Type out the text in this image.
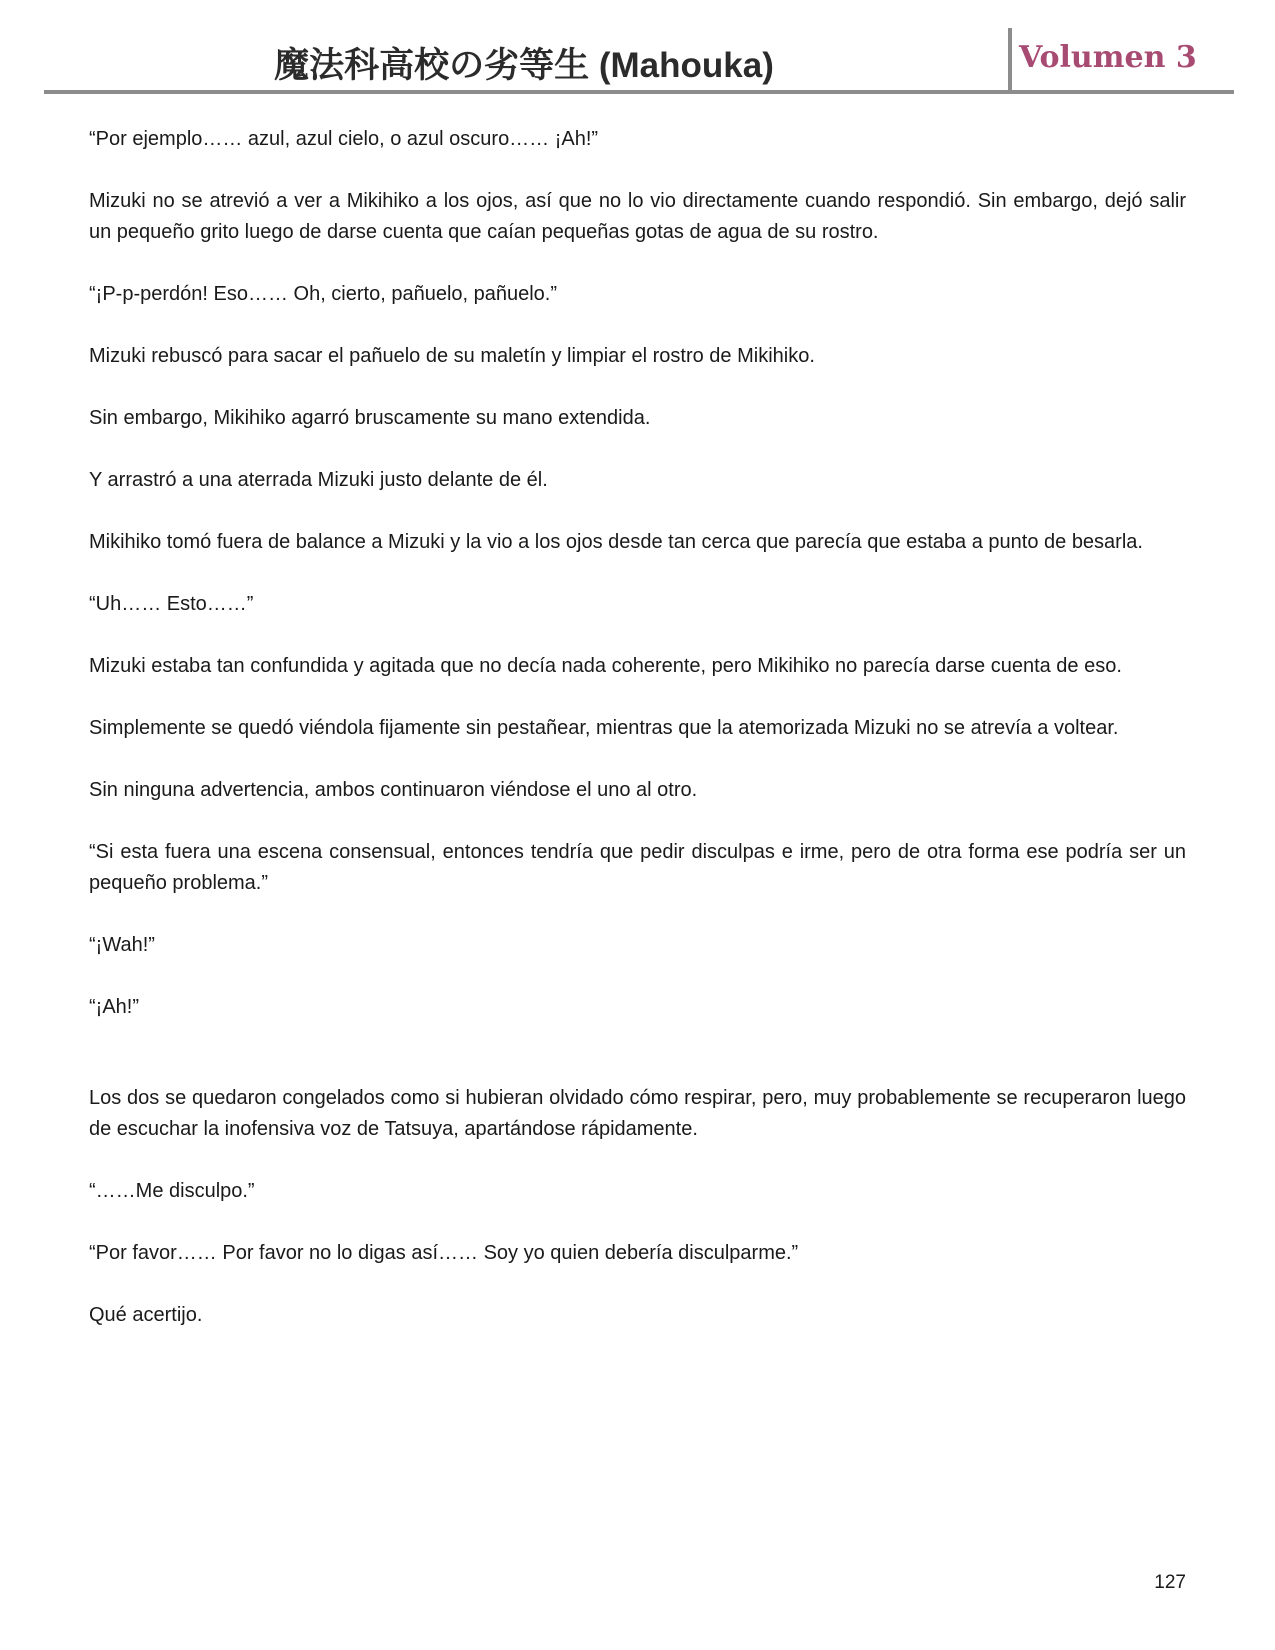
魔法科高校の劣等生 (Mahouka)	Volumen 3

“Por ejemplo…… azul, azul cielo, o azul oscuro…… ¡Ah!”

Mizuki no se atrevió a ver a Mikihiko a los ojos, así que no lo vio directamente cuando respondió. Sin embargo, dejó salir un pequeño grito luego de darse cuenta que caían pequeñas gotas de agua de su rostro.

“¡P-p-perdón! Eso…… Oh, cierto, pañuelo, pañuelo.”

Mizuki rebuscó para sacar el pañuelo de su maletín y limpiar el rostro de Mikihiko.

Sin embargo, Mikihiko agarró bruscamente su mano extendida.

Y arrastró a una aterrada Mizuki justo delante de él.

Mikihiko tomó fuera de balance a Mizuki y la vio a los ojos desde tan cerca que parecía que estaba a punto de besarla.

“Uh…… Esto……”

Mizuki estaba tan confundida y agitada que no decía nada coherente, pero Mikihiko no parecía darse cuenta de eso.

Simplemente se quedó viéndola fijamente sin pestañear, mientras que la atemorizada Mizuki no se atrevía a voltear.

Sin ninguna advertencia, ambos continuaron viéndose el uno al otro.

“Si esta fuera una escena consensual, entonces tendría que pedir disculpas e irme, pero de otra forma ese podría ser un pequeño problema.”

“¡Wah!”

“¡Ah!”

Los dos se quedaron congelados como si hubieran olvidado cómo respirar, pero, muy probablemente se recuperaron luego de escuchar la inofensiva voz de Tatsuya, apartándose rápidamente.

“……Me disculpo.”

“Por favor…… Por favor no lo digas así…… Soy yo quien debería disculparme.”

Qué acertijo.

127
